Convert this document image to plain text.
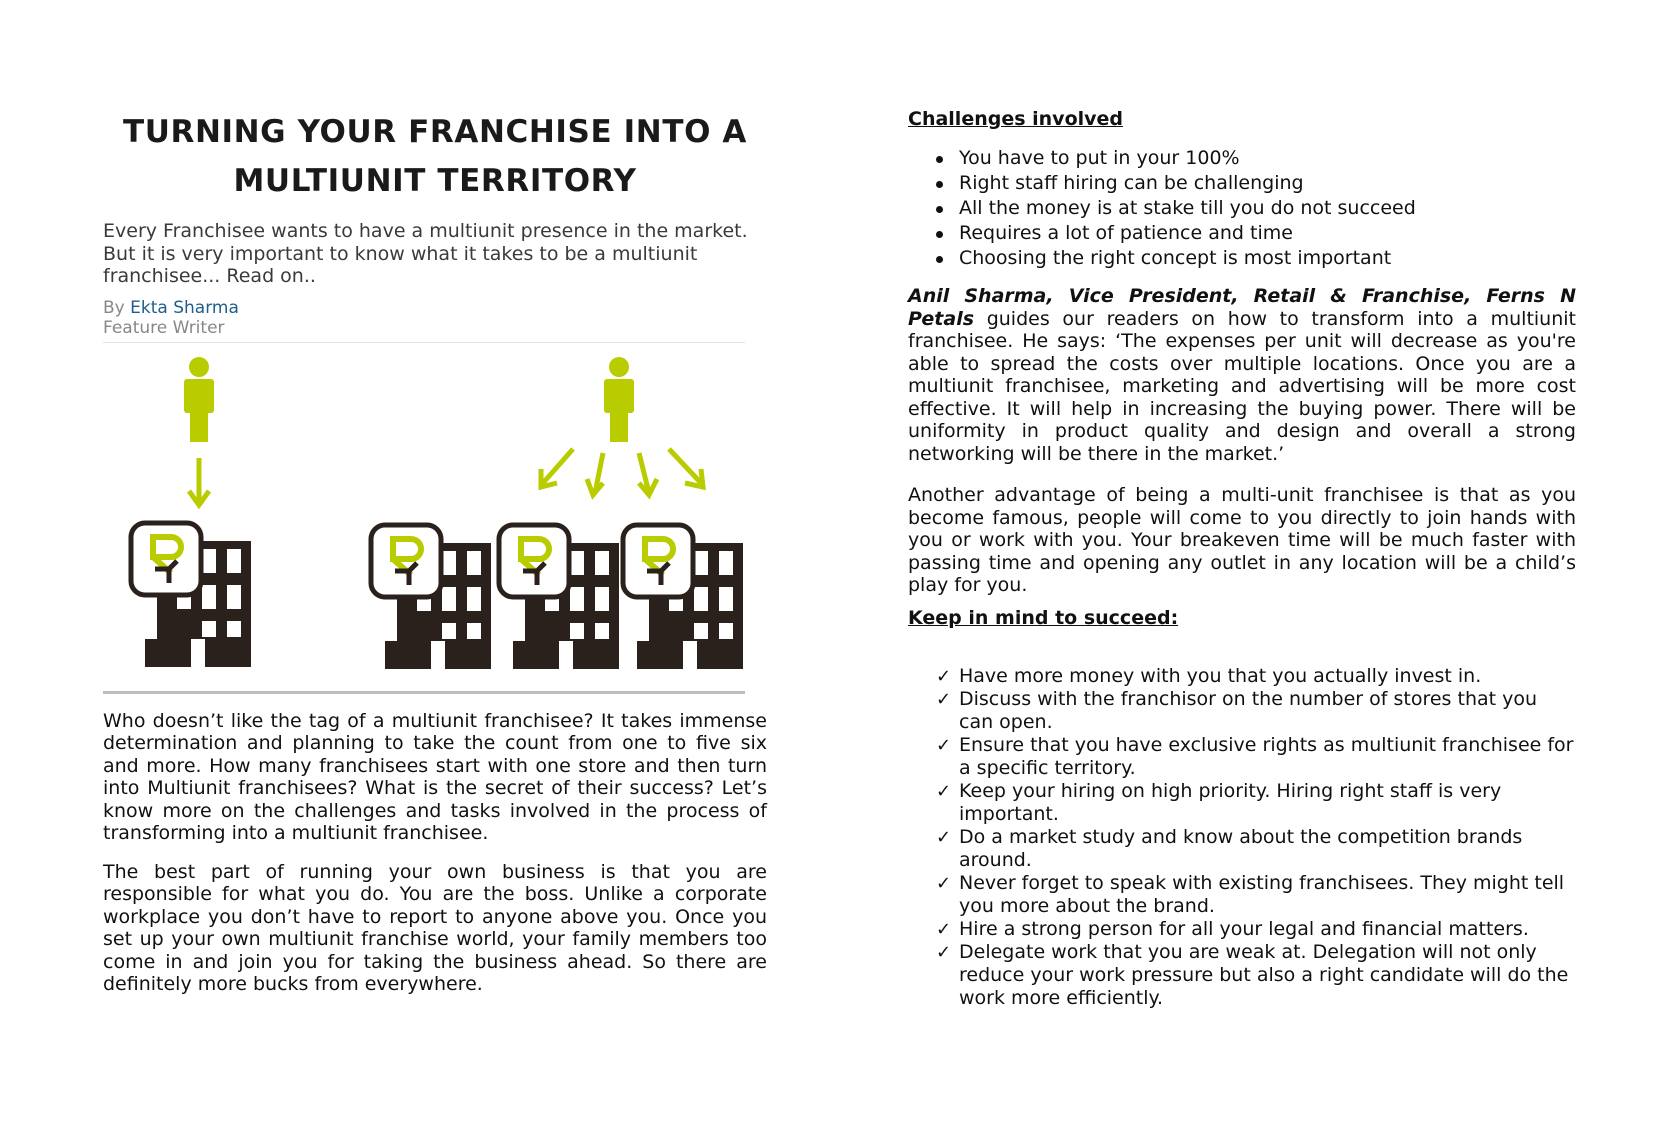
TURNING YOUR FRANCHISE INTO A MULTIUNIT TERRITORY

Every Franchisee wants to have a multiunit presence in the market. But it is very important to know what it takes to be a multiunit franchisee... Read on..

By Ekta Sharma
Feature Writer

Who doesn’t like the tag of a multiunit franchisee? It takes immense determination and planning to take the count from one to five six and more. How many franchisees start with one store and then turn into Multiunit franchisees? What is the secret of their success? Let’s know more on the challenges and tasks involved in the process of transforming into a multiunit franchisee.

The best part of running your own business is that you are responsible for what you do. You are the boss. Unlike a corporate workplace you don’t have to report to anyone above you. Once you set up your own multiunit franchise world, your family members too come in and join you for taking the business ahead. So there are definitely more bucks from everywhere.

Challenges involved

You have to put in your 100%
Right staff hiring can be challenging
All the money is at stake till you do not succeed
Requires a lot of patience and time
Choosing the right concept is most important

Anil Sharma, Vice President, Retail & Franchise, Ferns N Petals guides our readers on how to transform into a multiunit franchisee. He says: ‘The expenses per unit will decrease as you're able to spread the costs over multiple locations. Once you are a multiunit franchisee, marketing and advertising will be more cost effective. It will help in increasing the buying power. There will be uniformity in product quality and design and overall a strong networking will be there in the market.’

Another advantage of being a multi-unit franchisee is that as you become famous, people will come to you directly to join hands with you or work with you. Your breakeven time will be much faster with passing time and opening any outlet in any location will be a child’s play for you.

Keep in mind to succeed:

✓ Have more money with you that you actually invest in.
✓ Discuss with the franchisor on the number of stores that you can open.
✓ Ensure that you have exclusive rights as multiunit franchisee for a specific territory.
✓ Keep your hiring on high priority. Hiring right staff is very important.
✓ Do a market study and know about the competition brands around.
✓ Never forget to speak with existing franchisees. They might tell you more about the brand.
✓ Hire a strong person for all your legal and financial matters.
✓ Delegate work that you are weak at. Delegation will not only reduce your work pressure but also a right candidate will do the work more efficiently.
